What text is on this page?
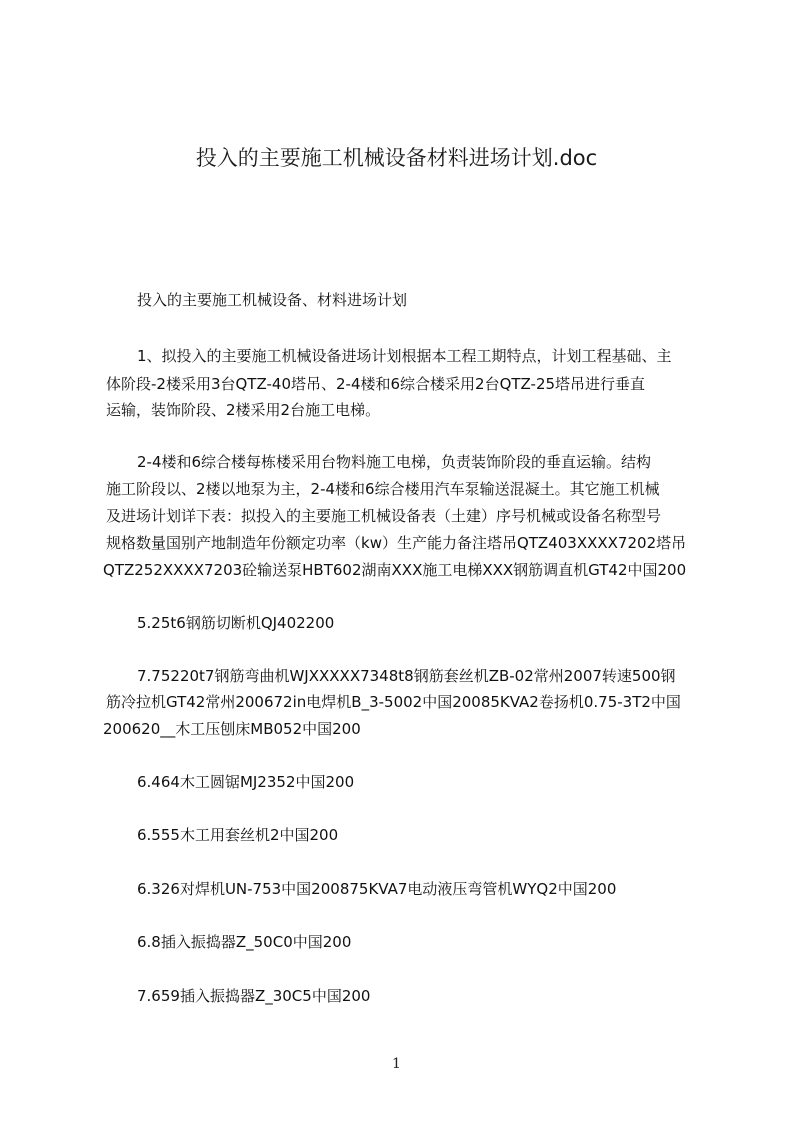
投入的主要施工机械设备材料进场计划.doc
投入的主要施工机械设备、材料进场计划
1、拟投入的主要施工机械设备进场计划根据本工程工期特点，计划工程基础、主
体阶段-2楼采用3台QTZ-40塔吊、2-4楼和6综合楼采用2台QTZ-25塔吊进行垂直
运输，装饰阶段、2楼采用2台施工电梯。
2-4楼和6综合楼每栋楼采用台物料施工电梯，负责装饰阶段的垂直运输。结构
施工阶段以、2楼以地泵为主，2-4楼和6综合楼用汽车泵输送混凝土。其它施工机械
及进场计划详下表：拟投入的主要施工机械设备表（土建）序号机械或设备名称型号
规格数量国别产地制造年份额定功率（kw）生产能力备注塔吊QTZ403XXXX7202塔吊
QTZ252XXXX7203砼输送泵HBT602湖南XXX施工电梯XXX钢筋调直机GT42中国200
5.25t6钢筋切断机QJ402200
7.75220t7钢筋弯曲机WJXXXXX7348t8钢筋套丝机ZB-02常州2007转速500钢
筋冷拉机GT42常州200672in电焊机B_3-5002中国20085KVA2卷扬机0.75-3T2中国
200620__木工压刨床MB052中国200
6.464木工圆锯MJ2352中国200
6.555木工用套丝机2中国200
6.326对焊机UN-753中国200875KVA7电动液压弯管机WYQ2中国200
6.8插入振捣器Z_50C0中国200
7.659插入振捣器Z_30C5中国200
1
